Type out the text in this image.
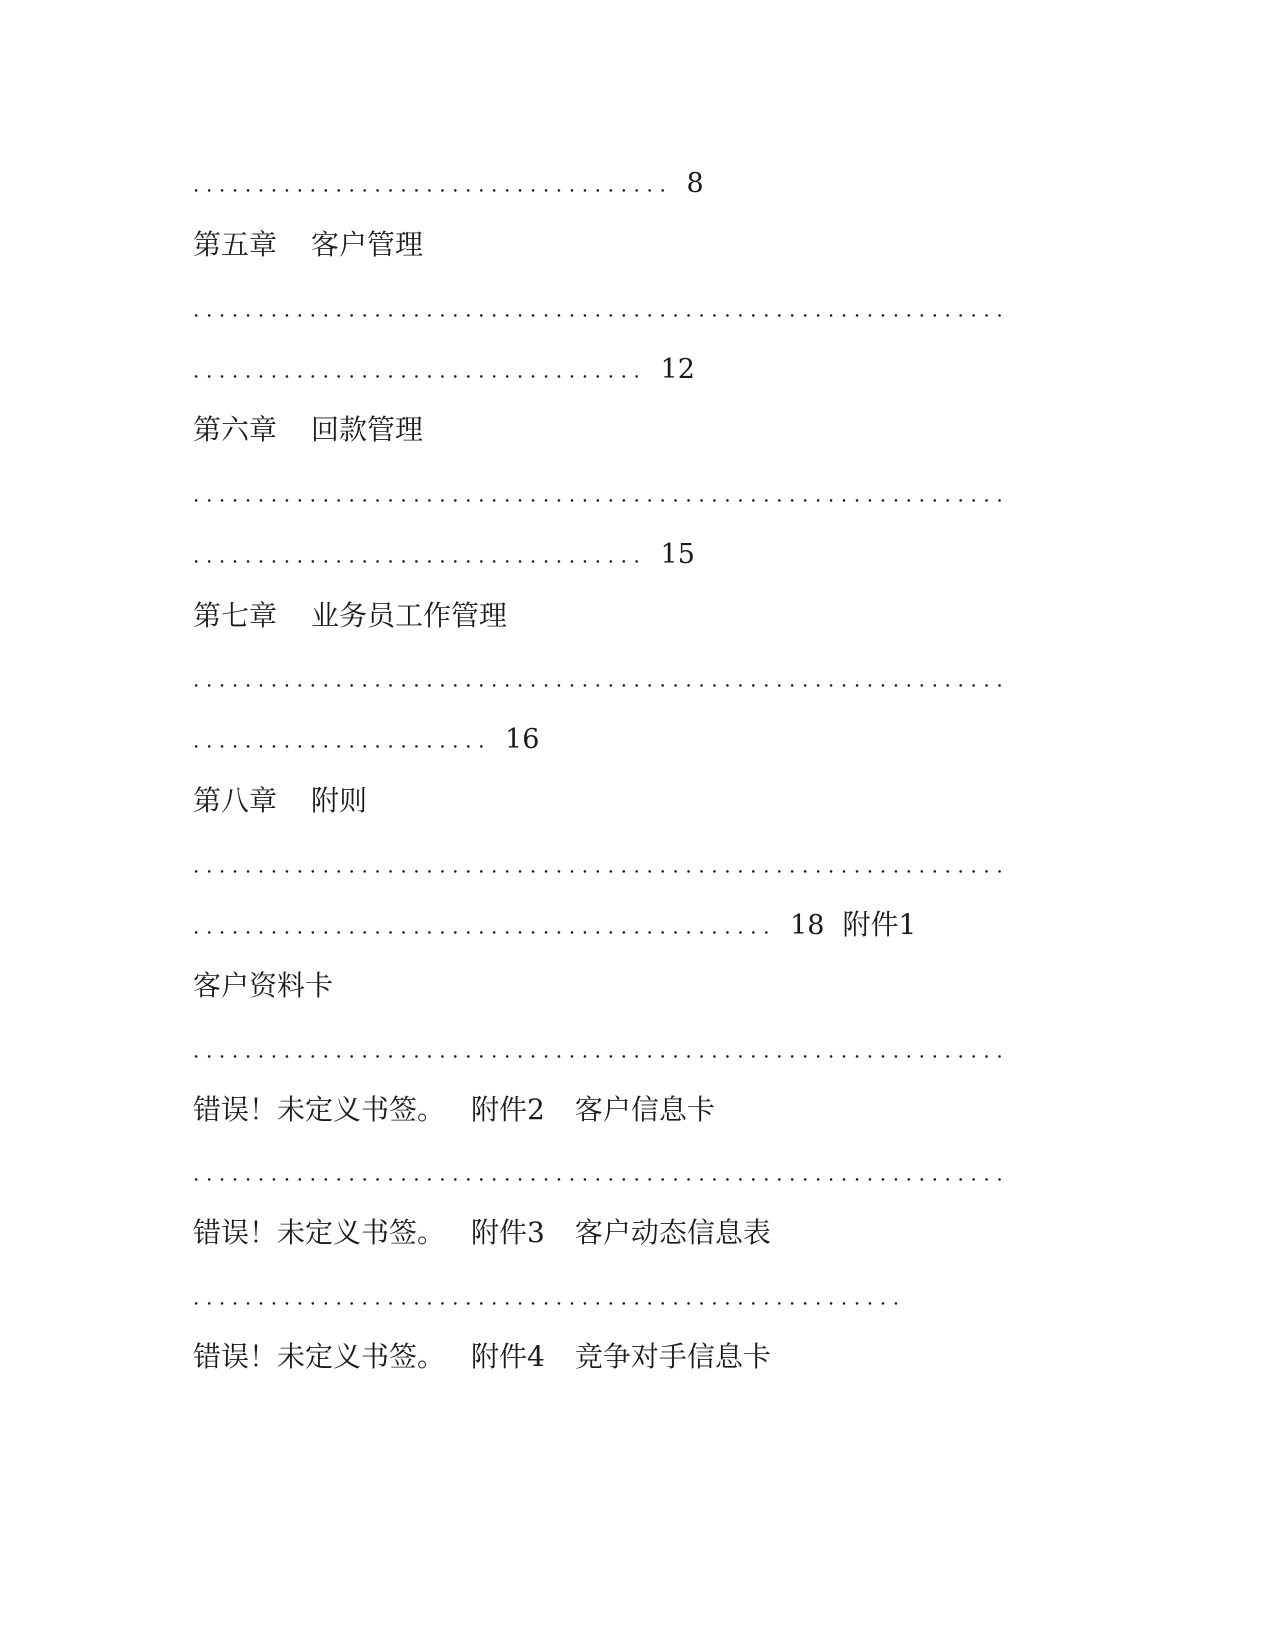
..................................... 8
第五章 客户管理
...............................................................
................................... 12
第六章 回款管理
...............................................................
................................... 15
第七章 业务员工作管理
...............................................................
....................... 16
第八章 附则
...............................................................
............................................. 18 附件1
客户资料卡
...............................................................
错误！未定义书签。 附件2 客户信息卡
...............................................................
错误！未定义书签。 附件3 客户动态信息表
.......................................................
错误！未定义书签。 附件4 竞争对手信息卡
